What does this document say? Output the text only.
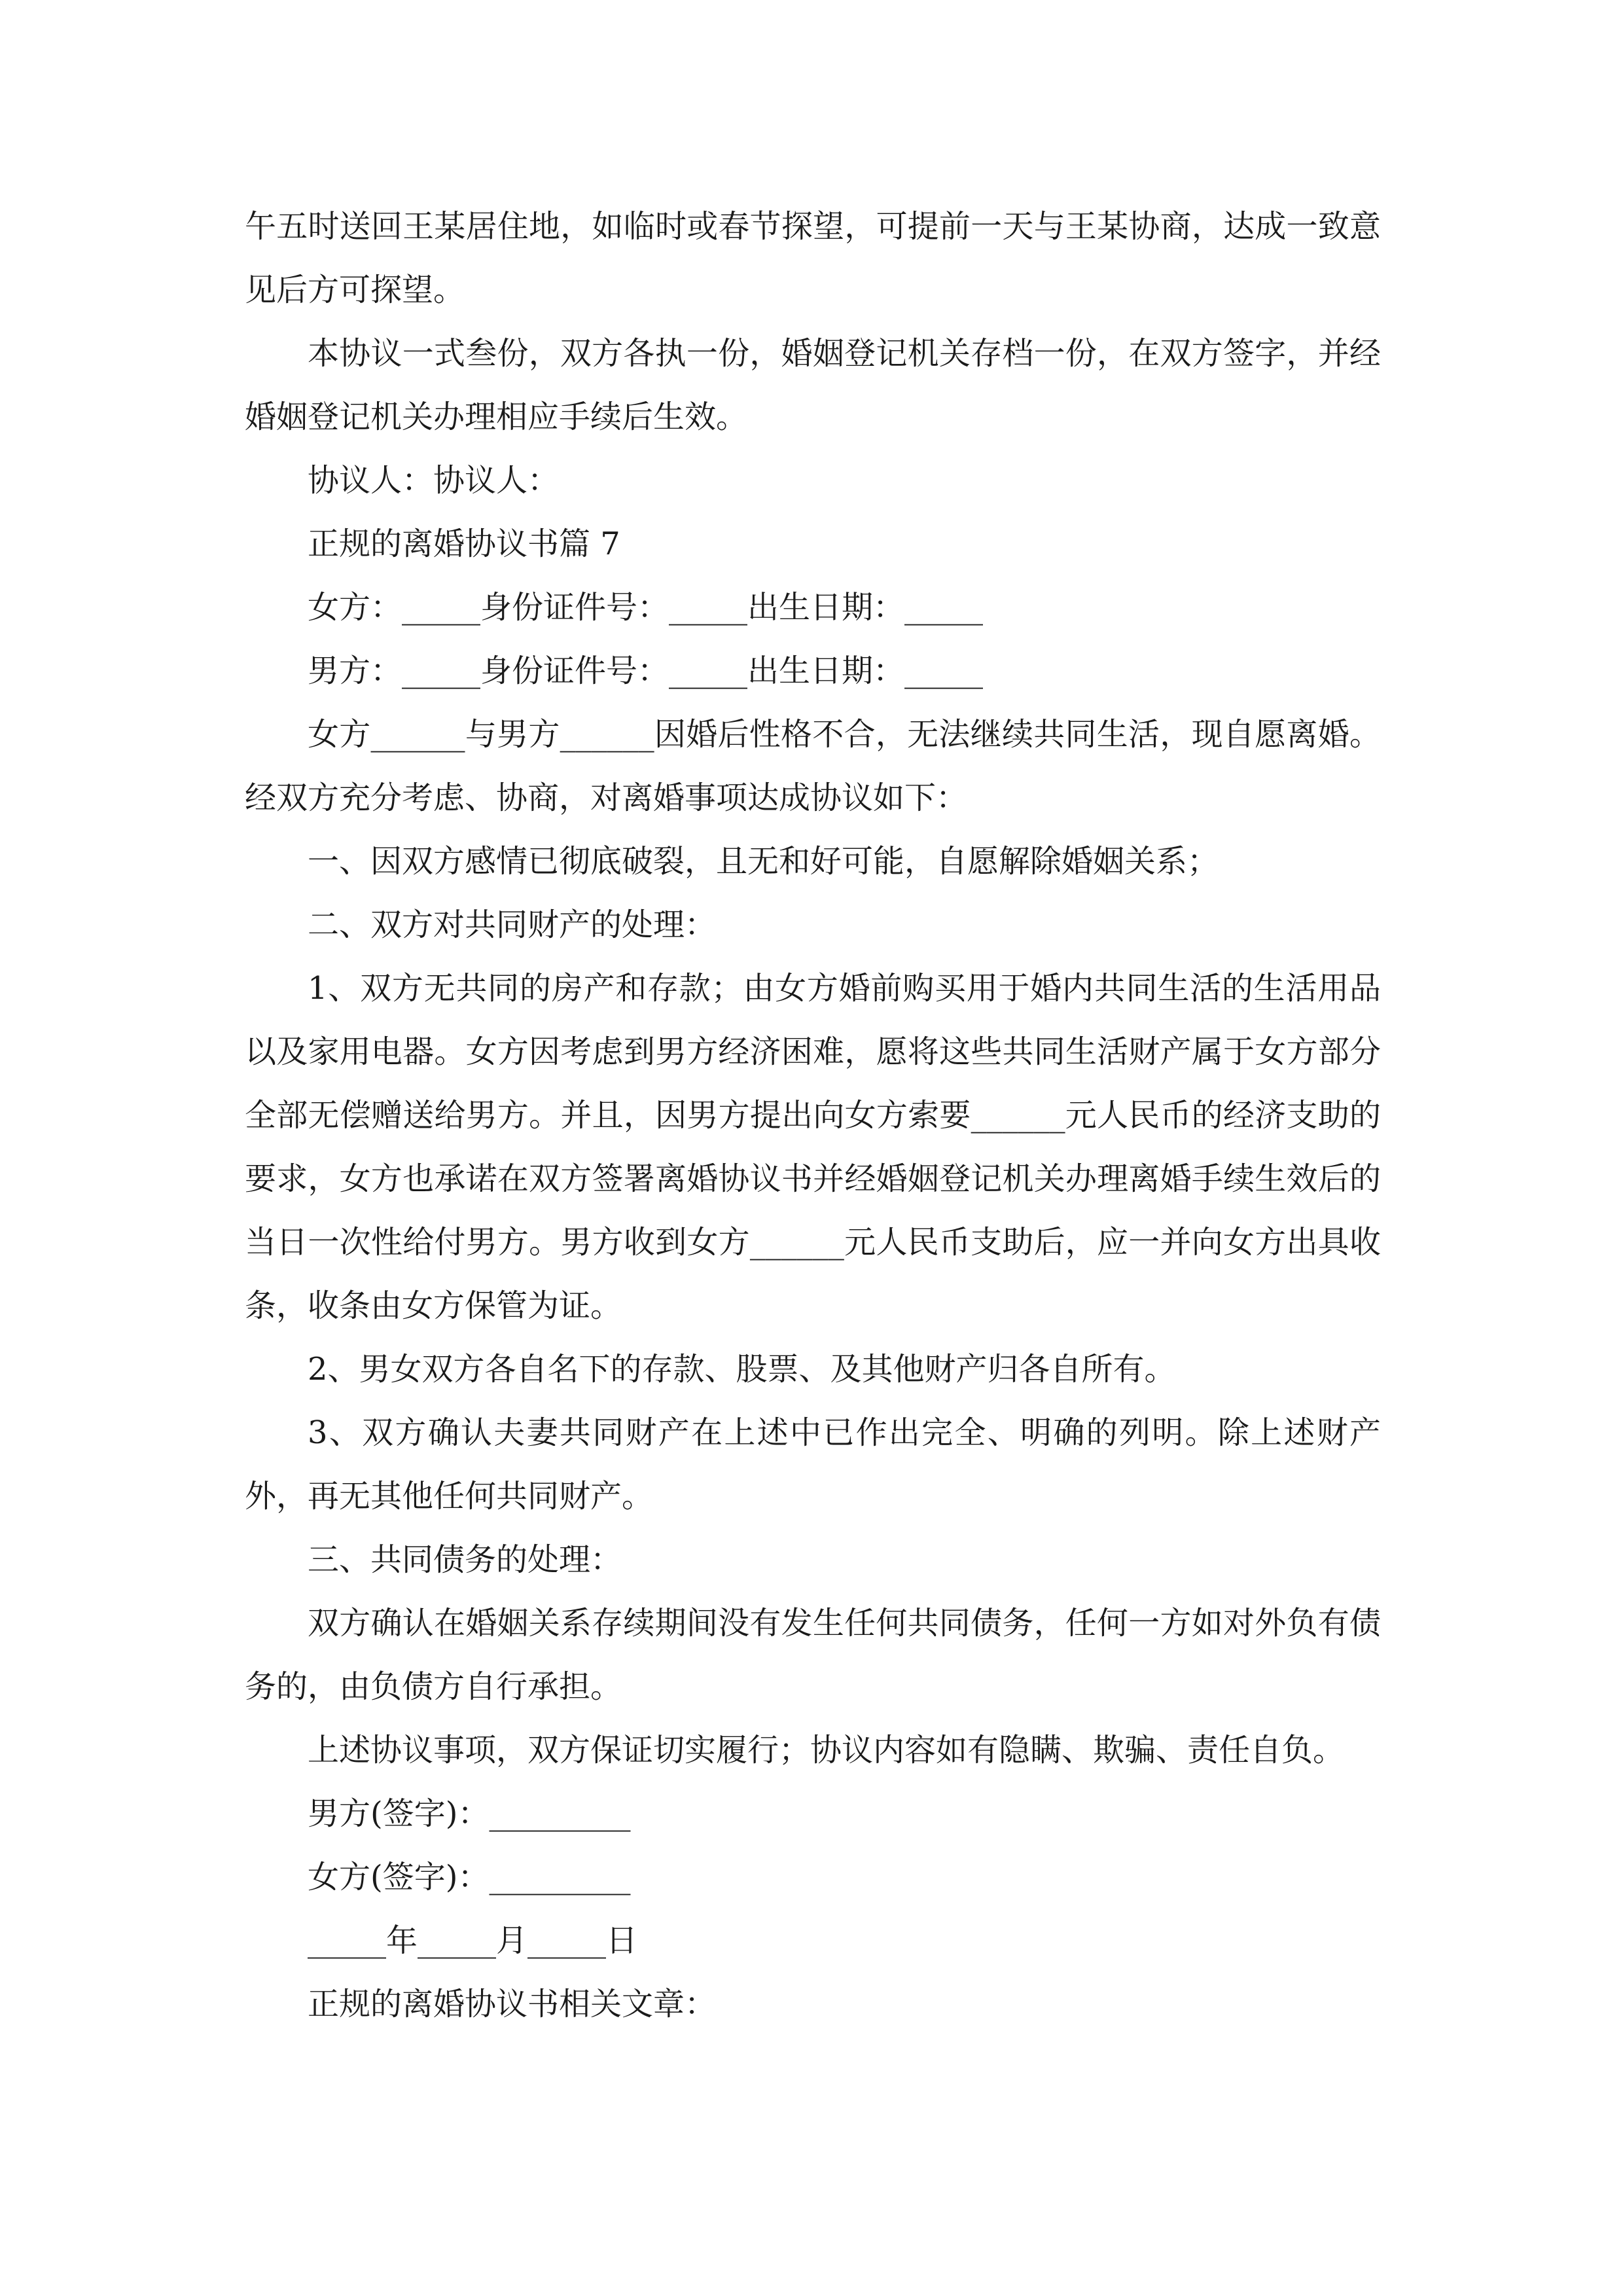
午五时送回王某居住地，如临时或春节探望，可提前一天与王某协商，达成一致意见后方可探望。

本协议一式叁份，双方各执一份，婚姻登记机关存档一份，在双方签字，并经婚姻登记机关办理相应手续后生效。

协议人：协议人：

正规的离婚协议书篇 7

女方：_____身份证件号：_____出生日期：_____

男方：_____身份证件号：_____出生日期：_____

女方______与男方______因婚后性格不合，无法继续共同生活，现自愿离婚。经双方充分考虑、协商，对离婚事项达成协议如下：

一、因双方感情已彻底破裂，且无和好可能，自愿解除婚姻关系；

二、双方对共同财产的处理：

1、双方无共同的房产和存款；由女方婚前购买用于婚内共同生活的生活用品以及家用电器。女方因考虑到男方经济困难，愿将这些共同生活财产属于女方部分全部无偿赠送给男方。并且，因男方提出向女方索要______元人民币的经济支助的要求，女方也承诺在双方签署离婚协议书并经婚姻登记机关办理离婚手续生效后的当日一次性给付男方。男方收到女方______元人民币支助后，应一并向女方出具收条，收条由女方保管为证。

2、男女双方各自名下的存款、股票、及其他财产归各自所有。

3、双方确认夫妻共同财产在上述中已作出完全、明确的列明。除上述财产外，再无其他任何共同财产。

三、共同债务的处理：

双方确认在婚姻关系存续期间没有发生任何共同债务，任何一方如对外负有债务的，由负债方自行承担。

上述协议事项，双方保证切实履行；协议内容如有隐瞒、欺骗、责任自负。

男方(签字)：_________

女方(签字)：_________

_____年_____月_____日

正规的离婚协议书相关文章：
